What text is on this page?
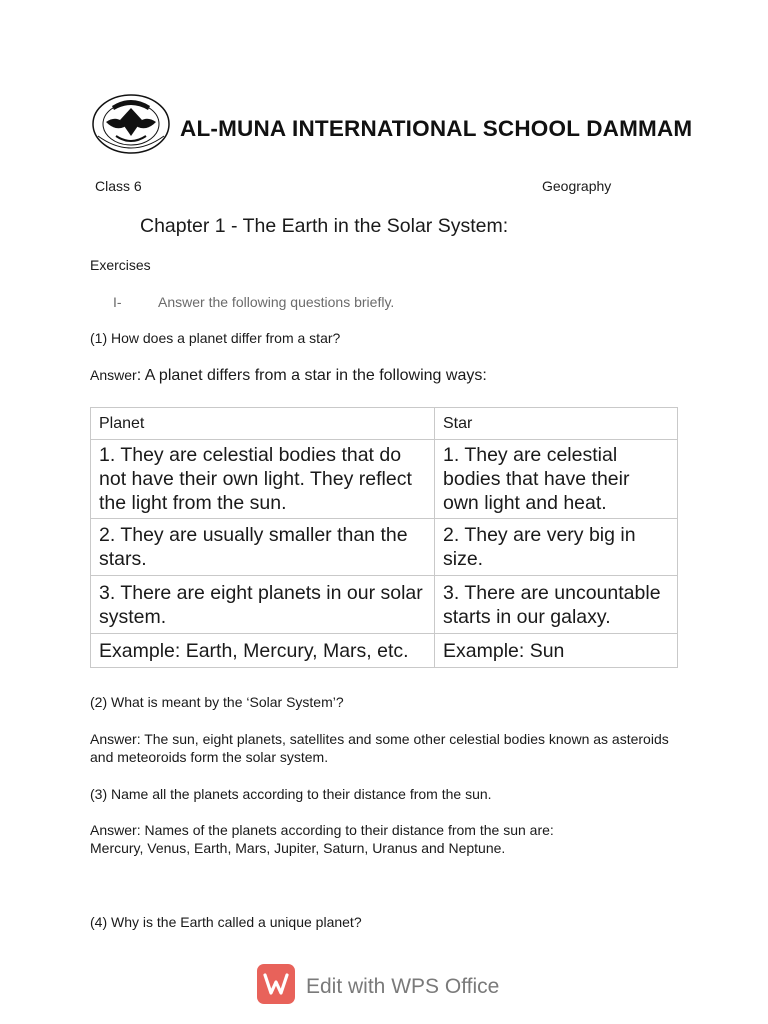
AL-MUNA INTERNATIONAL SCHOOL DAMMAM
Class 6	Geography
Chapter 1 - The Earth in the Solar System:
Exercises
I-	Answer the following questions briefly.
(1) How does a planet differ from a star?
Answer: A planet differs from a star in the following ways:
Planet	Star
1. They are celestial bodies that do not have their own light. They reflect the light from the sun.	1. They are celestial bodies that have their own light and heat.
2. They are usually smaller than the stars.	2. They are very big in size.
3. There are eight planets in our solar system.	3. There are uncountable starts in our galaxy.
Example: Earth, Mercury, Mars, etc.	Example: Sun
(2) What is meant by the ‘Solar System’?
Answer: The sun, eight planets, satellites and some other celestial bodies known as asteroids and meteoroids form the solar system.
(3) Name all the planets according to their distance from the sun.
Answer: Names of the planets according to their distance from the sun are:
Mercury, Venus, Earth, Mars, Jupiter, Saturn, Uranus and Neptune.
(4) Why is the Earth called a unique planet?
Edit with WPS Office
